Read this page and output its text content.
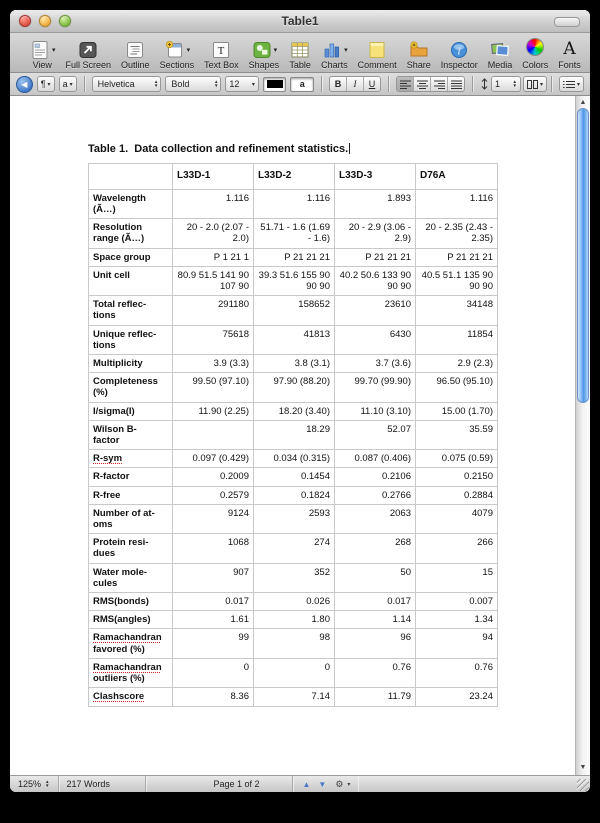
Table1
▾
View Full Screen Outline
▾
Sections
T
Text Box
▾
Shapes Table
▾
Charts Comment Share
i
Inspector Media Colors
A
Fonts
◀	¶ ▾ a ▾	Helvetica	▲
▼ Bold	▲
▼ 12 ▾	a	B I U	1	▲
▼	▾	▾
Table 1.  Data collection and refinement statistics.
	L33D-1	L33D-2	L33D-3	D76A
Wavelength
(Ã…)	1.116	1.116	1.893	1.116
Resolution
range (Ã…)	20 - 2.0 (2.07 - 2.0)	51.71 - 1.6 (1.69 - 1.6)	20 - 2.9 (3.06 - 2.9)	20 - 2.35 (2.43 - 2.35)
Space group	P 1 21 1	P 21 21 21	P 21 21 21	P 21 21 21
Unit cell	80.9 51.5 141 90 107 90	39.3 51.6 155 90 90 90	40.2 50.6 133 90 90 90	40.5 51.1 135 90 90 90
Total reflec-
tions	291180	158652	23610	34148
Unique reflec-
tions	75618	41813	6430	11854
Multiplicity	3.9 (3.3)	3.8 (3.1)	3.7 (3.6)	2.9 (2.3)
Completeness
(%)	99.50 (97.10)	97.90 (88.20)	99.70 (99.90)	96.50 (95.10)
I/sigma(I)	11.90 (2.25)	18.20 (3.40)	11.10 (3.10)	15.00 (1.70)
Wilson B-
factor		18.29	52.07	35.59
R-sym	0.097 (0.429)	0.034 (0.315)	0.087 (0.406)	0.075 (0.59)
R-factor	0.2009	0.1454	0.2106	0.2150
R-free	0.2579	0.1824	0.2766	0.2884
Number of at-
oms	9124	2593	2063	4079
Protein resi-
dues	1068	274	268	266
Water mole-
cules	907	352	50	15
RMS(bonds)	0.017	0.026	0.017	0.007
RMS(angles)	1.61	1.80	1.14	1.34
Ramachandran
favored (%)	99	98	96	94
Ramachandran
outliers (%)	0	0	0.76	0.76
Clashscore	8.36	7.14	11.79	23.24
▲
▼
125% ▲
▼ 217 Words	Page 1 of 2	▲ ▼ ⚙ ▾
